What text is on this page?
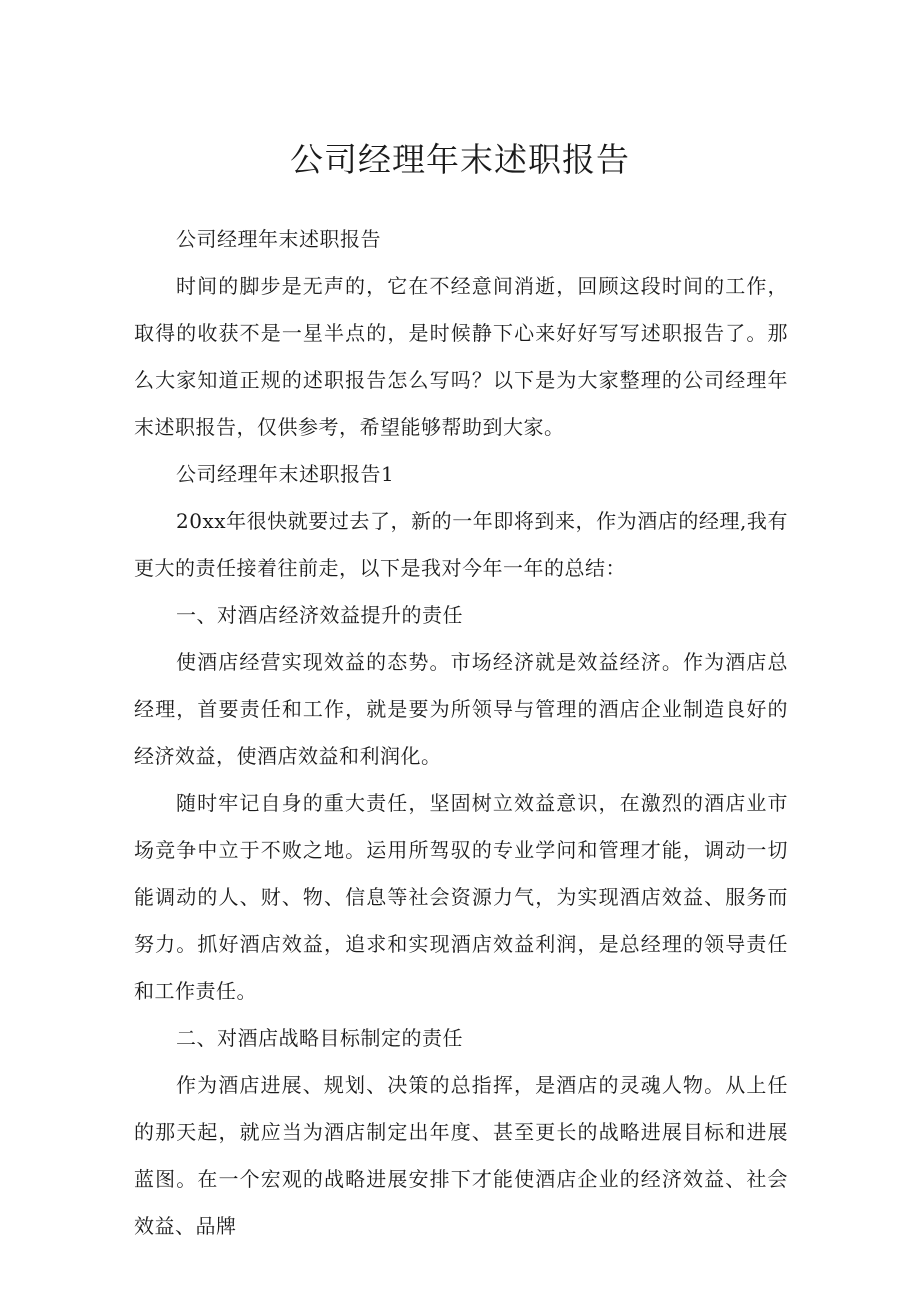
公司经理年末述职报告

公司经理年末述职报告

时间的脚步是无声的，它在不经意间消逝，回顾这段时间的工作，取得的收获不是一星半点的，是时候静下心来好好写写述职报告了。那么大家知道正规的述职报告怎么写吗？以下是为大家整理的公司经理年末述职报告，仅供参考，希望能够帮助到大家。

公司经理年末述职报告1

20xx年很快就要过去了，新的一年即将到来，作为酒店的经理,我有更大的责任接着往前走，以下是我对今年一年的总结：

一、对酒店经济效益提升的责任

使酒店经营实现效益的态势。市场经济就是效益经济。作为酒店总经理，首要责任和工作，就是要为所领导与管理的酒店企业制造良好的经济效益，使酒店效益和利润化。

随时牢记自身的重大责任，坚固树立效益意识，在激烈的酒店业市场竞争中立于不败之地。运用所驾驭的专业学问和管理才能，调动一切能调动的人、财、物、信息等社会资源力气，为实现酒店效益、服务而努力。抓好酒店效益，追求和实现酒店效益利润，是总经理的领导责任和工作责任。

二、对酒店战略目标制定的责任

作为酒店进展、规划、决策的总指挥，是酒店的灵魂人物。从上任的那天起，就应当为酒店制定出年度、甚至更长的战略进展目标和进展蓝图。在一个宏观的战略进展安排下才能使酒店企业的经济效益、社会效益、品牌
